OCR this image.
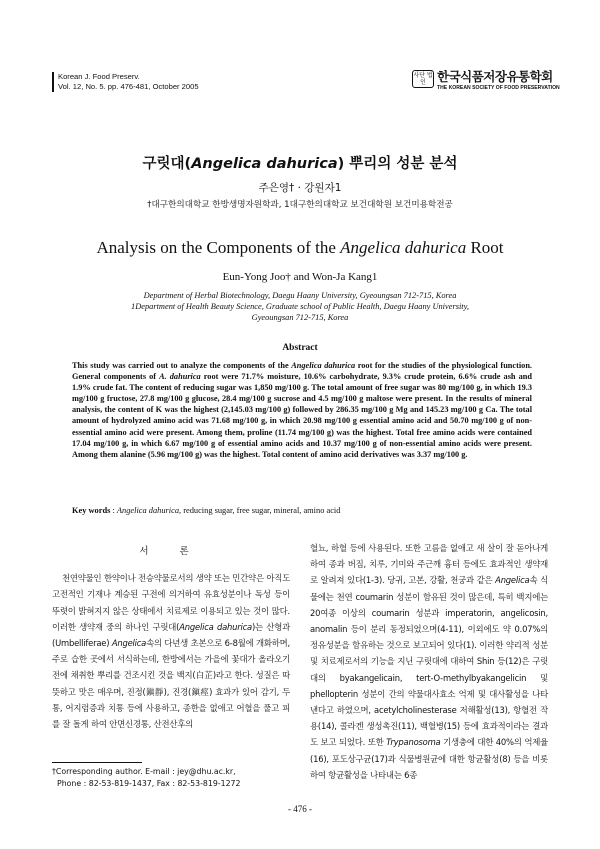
Korean J. Food Preserv.
Vol. 12, No. 5. pp. 476-481, October 2005
사단 법인 한국식품저장유통학회
THE KOREAN SOCIETY OF FOOD PRESERVATION
구릿대(Angelica dahurica) 뿌리의 성분 분석
주은영† · 강원자1
†대구한의대학교 한방생명자원학과, 1대구한의대학교 보건대학원 보건미용학전공
Analysis on the Components of the Angelica dahurica Root
Eun-Yong Joo† and Won-Ja Kang1
Department of Herbal Biotechnology, Daegu Haany University, Gyeoungsan 712-715, Korea
1Department of Health Beauty Science, Graduate school of Public Health, Daegu Haany University,
Gyeoungsan 712-715, Korea
Abstract
This study was carried out to analyze the components of the Angelica dahurica root for the studies of the physiological function. General components of A. dahurica root were 71.7% moisture, 10.6% carbohydrate, 9.3% crude protein, 6.6% crude ash and 1.9% crude fat. The content of reducing sugar was 1,850 mg/100 g. The total amount of free sugar was 80 mg/100 g, in which 19.3 mg/100 g fructose, 27.8 mg/100 g glucose, 28.4 mg/100 g sucrose and 4.5 mg/100 g maltose were present. In the results of mineral analysis, the content of K was the highest (2,145.03 mg/100 g) followed by 286.35 mg/100 g Mg and 145.23 mg/100 g Ca. The total amount of hydrolyzed amino acid was 71.68 mg/100 g, in which 20.98 mg/100 g essential amino acid and 50.70 mg/100 g of non-essential amino acid were present. Among them, proline (11.74 mg/100 g) was the highest. Total free amino acids were contained 17.04 mg/100 g, in which 6.67 mg/100 g of essential amino acids and 10.37 mg/100 g of non-essential amino acids were present. Among them alanine (5.96 mg/100 g) was the highest. Total content of amino acid derivatives was 3.37 mg/100 g.
Key words : Angelica dahurica, reducing sugar, free sugar, mineral, amino acid
서 론

천연약물인 한약이나 전승약물로서의 생약 또는 민간약은 아직도 고전적인 기재나 계승된 구전에 의거하여 유효성분이나 독성 등이 뚜렷이 밝혀지지 않은 상태에서 치료제로 이용되고 있는 것이 많다. 이러한 생약재 중의 하나인 구릿대(Angelica dahurica)는 산형과(Umbelliferae) Angelica속의 다년생 초본으로 6-8월에 개화하며, 주로 습한 곳에서 서식하는데, 한방에서는 가을에 꽃대가 올라오기 전에 채취한 뿌리를 건조시킨 것을 백지(白芷)라고 한다. 성질은 따뜻하고 맛은 매우며, 진정(鎭靜), 진경(鎭痙) 효과가 있어 감기, 두통, 어지럼증과 치통 등에 사용하고, 종한을 없애고 어혈을 풀고 피를 잘 돌게 하여 안면신경통, 산전산후의

혈뇨, 하혈 등에 사용된다. 또한 고름을 없애고 새 살이 잘 돋아나게 하여 종과 버짐, 치루, 기미와 주근깨 흉터 등에도 효과적인 생약재로 알려져 있다(1-3). 당귀, 고본, 강활, 천궁과 같은 Angelica속 식물에는 천연 coumarin 성분이 함유된 것이 많은데, 특히 백지에는 20여종 이상의 coumarin 성분과 imperatorin, angelicosin, anomalin 등이 분리 동정되었으며(4-11), 이외에도 약 0.07%의 정유성분을 함유하는 것으로 보고되어 있다(1). 이러한 약리적 성분 및 치료제로서의 기능을 지닌 구릿대에 대하여 Shin 등(12)은 구릿대의 byakangelicain, tert-O-methylbyakangelicin 및 phellopterin 성분이 간의 약물대사효소 억제 및 대사활성을 나타낸다고 하였으며, acetylcholinesterase 저해활성(13), 항혈전 작용(14), 콜라겐 생성촉진(11), 백혈병(15) 등에 효과적이라는 결과도 보고 되었다. 또한 Trypanosoma 기생충에 대한 40%의 억제율(16), 포도상구균(17)과 식물병원균에 대한 항균활성(8) 등을 비롯하여 항균활성을 나타내는 6종

†Corresponding author. E-mail : jey@dhu.ac.kr,
Phone : 82-53-819-1437, Fax : 82-53-819-1272
- 476 -
